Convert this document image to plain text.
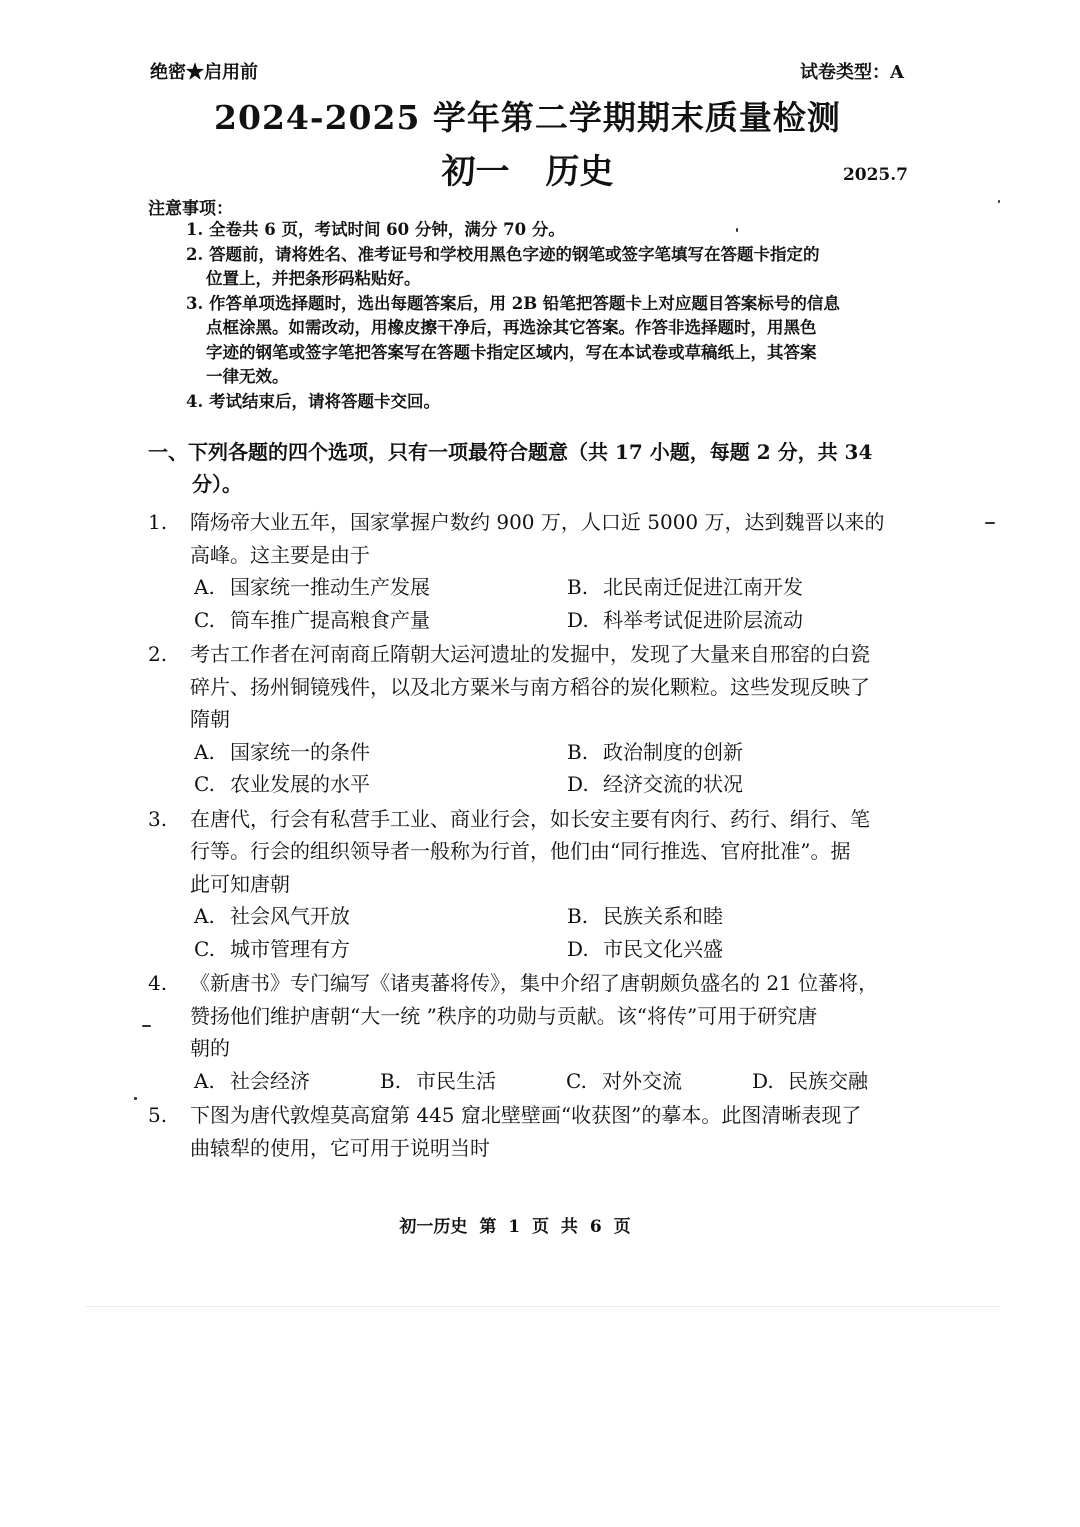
绝密★启用前	试卷类型：A
2024-2025 学年第二学期期末质量检测
初一 历史	2025.7
注意事项：
1. 全卷共 6 页，考试时间 60 分钟，满分 70 分。
2. 答题前，请将姓名、准考证号和学校用黑色字迹的钢笔或签字笔填写在答题卡指定的
位置上，并把条形码粘贴好。
3. 作答单项选择题时，选出每题答案后，用 2B 铅笔把答题卡上对应题目答案标号的信息
点框涂黑。如需改动，用橡皮擦干净后，再选涂其它答案。作答非选择题时，用黑色
字迹的钢笔或签字笔把答案写在答题卡指定区域内，写在本试卷或草稿纸上，其答案
一律无效。
4. 考试结束后，请将答题卡交回。
一、下列各题的四个选项，只有一项最符合题意（共 17 小题，每题 2 分，共 34
分）。
1.	隋炀帝大业五年，国家掌握户数约 900 万，人口近 5000 万，达到魏晋以来的
高峰。这主要是由于
A. 国家统一推动生产发展	B. 北民南迁促进江南开发
C. 筒车推广提高粮食产量	D. 科举考试促进阶层流动
2.	考古工作者在河南商丘隋朝大运河遗址的发掘中，发现了大量来自邢窑的白瓷
碎片、扬州铜镜残件，以及北方粟米与南方稻谷的炭化颗粒。这些发现反映了
隋朝
A. 国家统一的条件	B. 政治制度的创新
C. 农业发展的水平	D. 经济交流的状况
3.	在唐代，行会有私营手工业、商业行会，如长安主要有肉行、药行、绢行、笔
行等。行会的组织领导者一般称为行首，他们由“同行推选、官府批准”。据
此可知唐朝
A. 社会风气开放	B. 民族关系和睦
C. 城市管理有方	D. 市民文化兴盛
4.	《新唐书》专门编写《诸夷蕃将传》，集中介绍了唐朝颇负盛名的 21 位蕃将，
赞扬他们维护唐朝“大一统 ”秩序的功勋与贡献。该“将传”可用于研究唐
朝的
A. 社会经济	B. 市民生活	C. 对外交流	D. 民族交融
5.	下图为唐代敦煌莫高窟第 445 窟北壁壁画“收获图”的摹本。此图清晰表现了
曲辕犁的使用，它可用于说明当时
初一历史 第 1 页 共 6 页
